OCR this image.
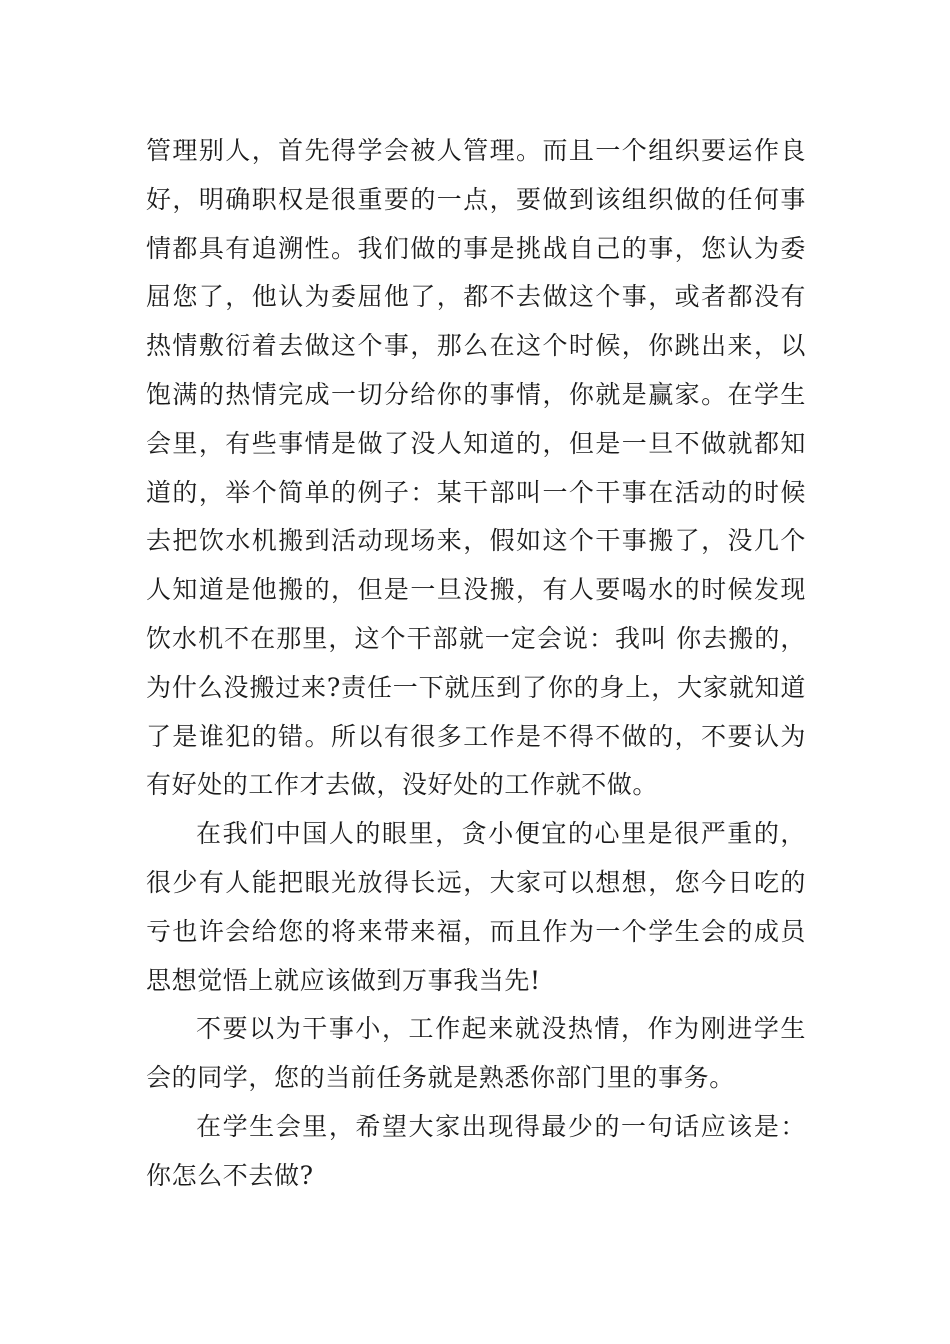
管理别人，首先得学会被人管理。而且一个组织要运作良好，明确职权是很重要的一点，要做到该组织做的任何事情都具有追溯性。我们做的事是挑战自己的事，您认为委屈您了，他认为委屈他了，都不去做这个事，或者都没有热情敷衍着去做这个事，那么在这个时候，你跳出来，以饱满的热情完成一切分给你的事情，你就是赢家。在学生会里，有些事情是做了没人知道的，但是一旦不做就都知道的，举个简单的例子：某干部叫一个干事在活动的时候去把饮水机搬到活动现场来，假如这个干事搬了，没几个人知道是他搬的，但是一旦没搬，有人要喝水的时候发现饮水机不在那里，这个干部就一定会说：我叫 你去搬的，为什么没搬过来?责任一下就压到了你的身上，大家就知道了是谁犯的错。所以有很多工作是不得不做的，不要认为有好处的工作才去做，没好处的工作就不做。

在我们中国人的眼里，贪小便宜的心里是很严重的，很少有人能把眼光放得长远，大家可以想想，您今日吃的亏也许会给您的将来带来福，而且作为一个学生会的成员思想觉悟上就应该做到万事我当先!

不要以为干事小，工作起来就没热情，作为刚进学生会的同学，您的当前任务就是熟悉你部门里的事务。

在学生会里，希望大家出现得最少的一句话应该是：你怎么不去做?
